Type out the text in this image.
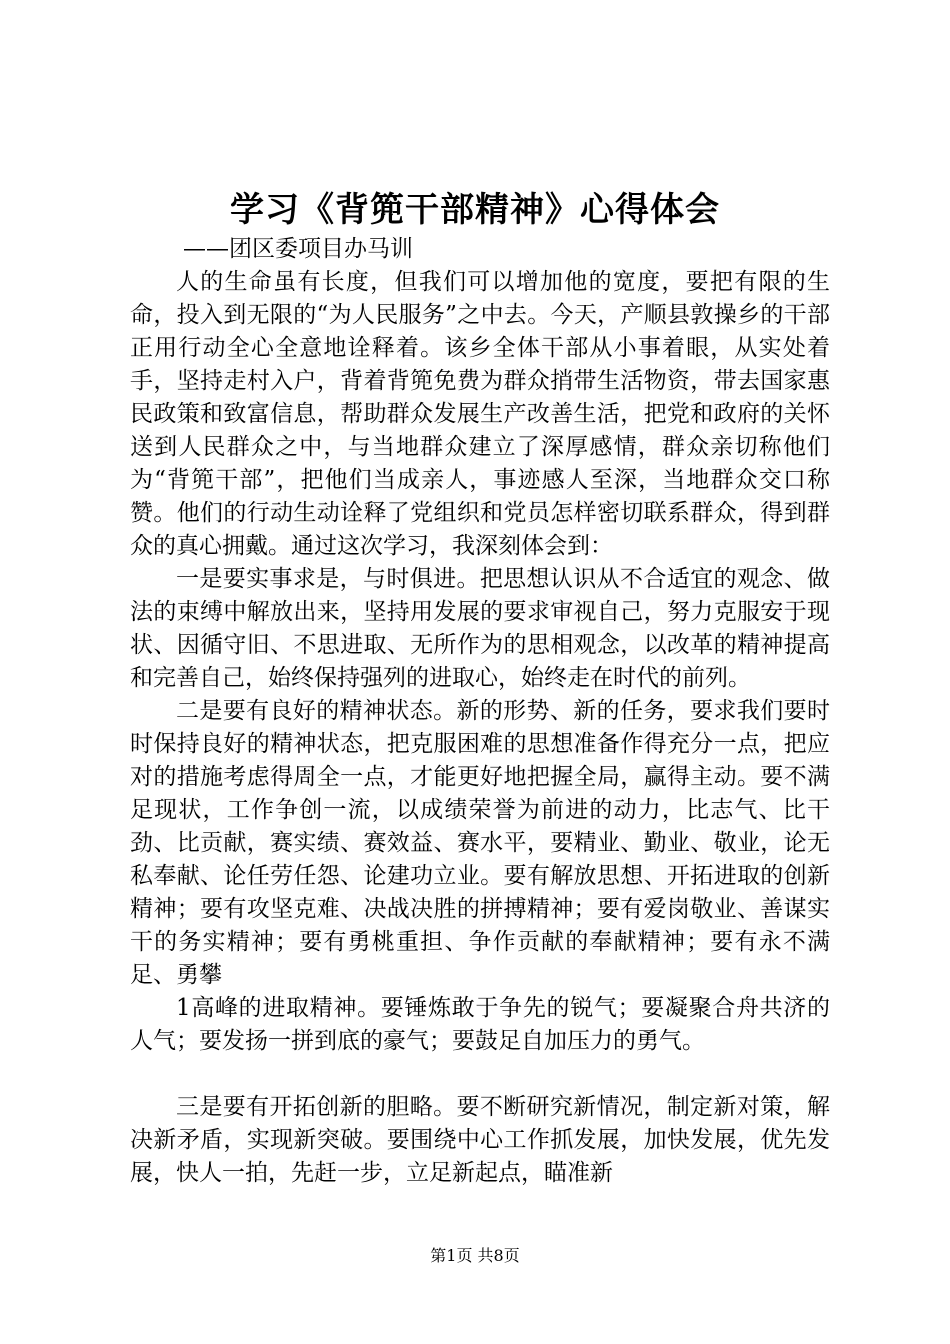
学习《背篼干部精神》心得体会
——团区委项目办马训

人的生命虽有长度，但我们可以增加他的宽度，要把有限的生命，投入到无限的“为人民服务”之中去。今天，产顺县敦操乡的干部正用行动全心全意地诠释着。该乡全体干部从小事着眼，从实处着手，坚持走村入户，背着背篼免费为群众捎带生活物资，带去国家惠民政策和致富信息，帮助群众发展生产改善生活，把党和政府的关怀送到人民群众之中，与当地群众建立了深厚感情，群众亲切称他们为“背篼干部”，把他们当成亲人，事迹感人至深，当地群众交口称赞。他们的行动生动诠释了党组织和党员怎样密切联系群众，得到群众的真心拥戴。通过这次学习，我深刻体会到：

一是要实事求是，与时俱进。把思想认识从不合适宜的观念、做法的束缚中解放出来，坚持用发展的要求审视自己，努力克服安于现状、因循守旧、不思进取、无所作为的思相观念，以改革的精神提高和完善自己，始终保持强列的进取心，始终走在时代的前列。

二是要有良好的精神状态。新的形势、新的任务，要求我们要时时保持良好的精神状态，把克服困难的思想准备作得充分一点，把应对的措施考虑得周全一点，才能更好地把握全局，赢得主动。要不满足现状，工作争创一流，以成绩荣誉为前进的动力，比志气、比干劲、比贡献，赛实绩、赛效益、赛水平，要精业、勤业、敬业，论无私奉献、论任劳任怨、论建功立业。要有解放思想、开拓进取的创新精神；要有攻坚克难、决战决胜的拼搏精神；要有爱岗敬业、善谋实干的务实精神；要有勇桃重担、争作贡献的奉献精神；要有永不满足、勇攀

1高峰的进取精神。要锤炼敢于争先的锐气；要凝聚合舟共济的人气；要发扬一拼到底的豪气；要鼓足自加压力的勇气。

三是要有开拓创新的胆略。要不断研究新情况，制定新对策，解决新矛盾，实现新突破。要围绕中心工作抓发展，加快发展，优先发展，快人一拍，先赶一步，立足新起点，瞄准新

第1页 共8页
